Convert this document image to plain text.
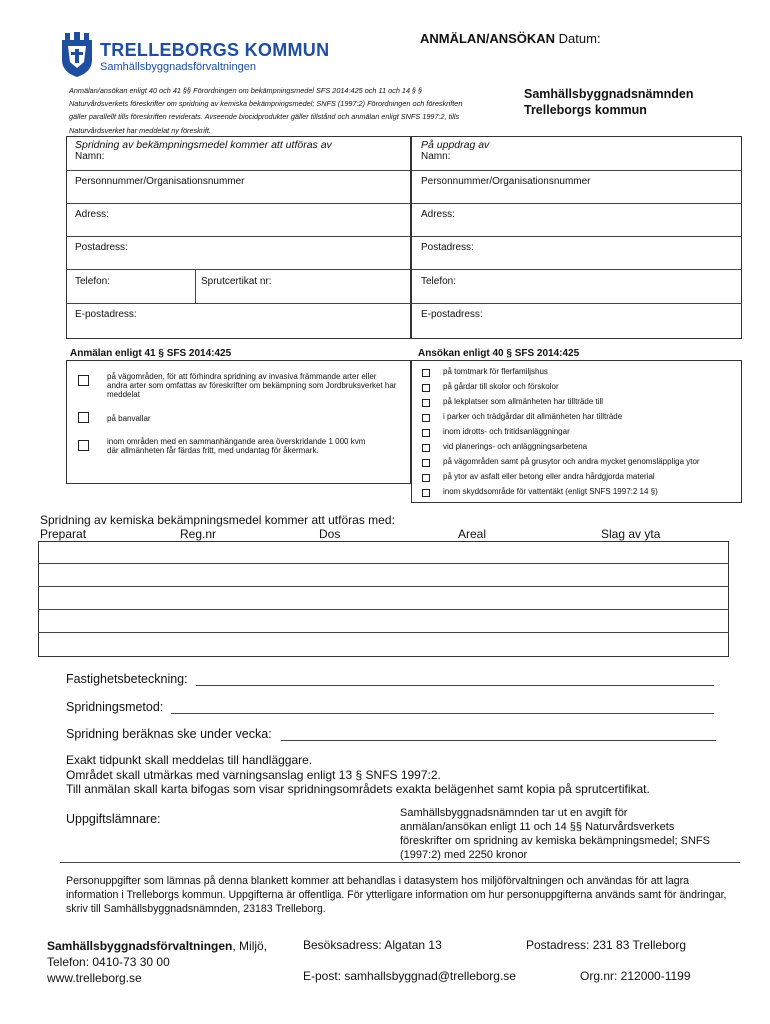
ANMÄLAN/ANSÖKAN Datum:
TRELLEBORGS KOMMUN
Samhällsbyggnadsförvaltningen
Anmälan/ansökan enligt 40 och 41 §§ Förordningen om bekämpningsmedel SFS 2014:425 och 11 och 14 § § Naturvårdsverkets föreskrifter om spridning av kemiska bekämpningsmedel; SNFS (1997:2) Förordningen och föreskriften gäller parallellt tills föreskriften reviderats. Avseende biocidprodukter gäller tillstånd och anmälan enligt SNFS 1997:2, tills Naturvårdsverket har meddelat ny föreskrift.
Samhällsbyggnadsnämnden
Trelleborgs kommun
Spridning av bekämpningsmedel kommer att utföras av
Namn:
Personnummer/Organisationsnummer
Adress:
Postadress:
Telefon:	Sprutcertikat nr:
E-postadress:
På uppdrag av
Namn:
Personnummer/Organisationsnummer
Adress:
Postadress:
Telefon:
E-postadress:
Anmälan enligt 41 § SFS 2014:425
på vägområden, för att förhindra spridning av invasiva främmande arter eller andra arter som omfattas av föreskrifter om bekämpning som Jordbruksverket har meddelat
på banvallar
inom områden med en sammanhängande area överskridande 1 000 kvm där allmänheten får färdas fritt, med undantag för åkermark.
Ansökan enligt 40 § SFS 2014:425
på tomtmark för flerfamiljshus
på gårdar till skolor och förskolor
på lekplatser som allmänheten har tillträde till
i parker och trädgårdar dit allmänheten har tillträde
inom idrotts- och fritidsanläggningar
vid planerings- och anläggningsarbetena
på vägområden samt på grusytor och andra mycket genomsläppliga ytor
på ytor av asfalt eller betong eller andra hårdgjorda material
inom skyddsområde för vattentäkt (enligt SNFS 1997:2 14 §)
Spridning av kemiska bekämpningsmedel kommer att utföras med:
Preparat	Reg.nr	Dos	Areal	Slag av yta
Fastighetsbeteckning:
Spridningsmetod:
Spridning beräknas ske under vecka:
Exakt tidpunkt skall meddelas till handläggare.
Området skall utmärkas med varningsanslag enligt 13 § SNFS 1997:2.
Till anmälan skall karta bifogas som visar spridningsområdets exakta belägenhet samt kopia på sprutcertifikat.
Uppgiftslämnare:	Samhällsbyggnadsnämnden tar ut en avgift för anmälan/ansökan enligt 11 och 14 §§ Naturvårdsverkets föreskrifter om spridning av kemiska bekämpningsmedel; SNFS (1997:2) med 2250 kronor
Personuppgifter som lämnas på denna blankett kommer att behandlas i datasystem hos miljöförvaltningen och användas för att lagra information i Trelleborgs kommun. Uppgifterna är offentliga. För ytterligare information om hur personuppgifterna används samt för ändringar, skriv till Samhällsbyggnadsnämnden, 23183 Trelleborg.
Samhällsbyggnadsförvaltningen, Miljö,
Telefon: 0410-73 30 00
www.trelleborg.se
Besöksadress: Algatan 13
E-post: samhallsbyggnad@trelleborg.se
Postadress: 231 83 Trelleborg
Org.nr: 212000-1199
